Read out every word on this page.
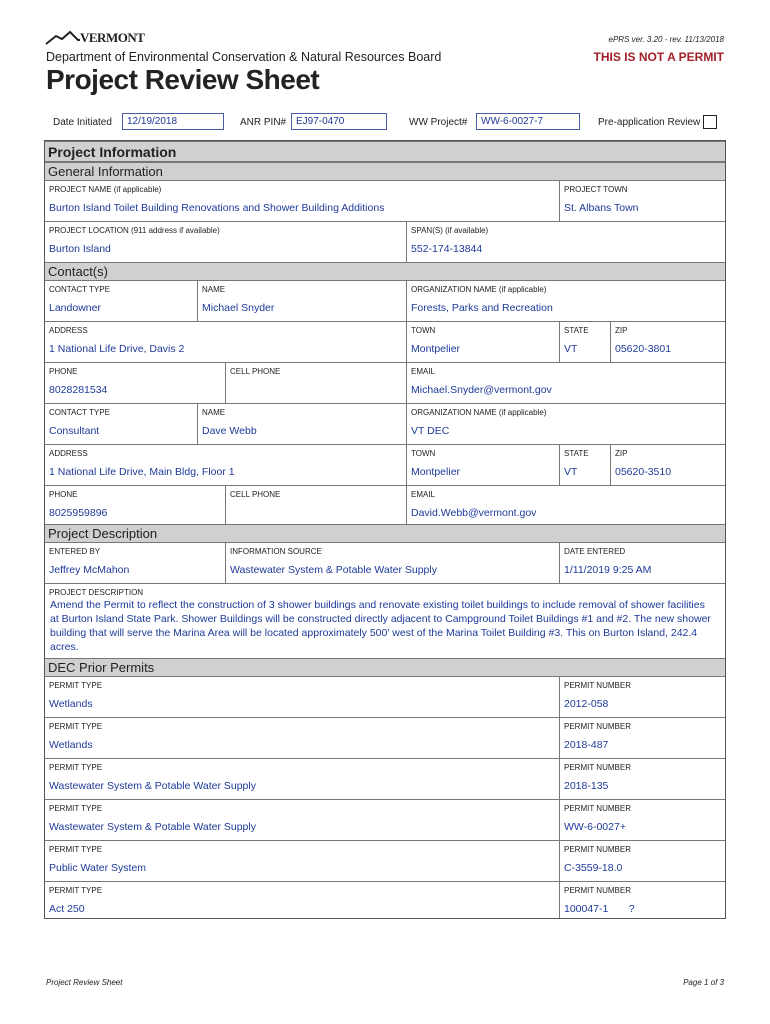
VERMONT	ePRS ver. 3.20 - rev. 11/13/2018
Department of Environmental Conservation & Natural Resources Board	THIS IS NOT A PERMIT
Project Review Sheet
Date Initiated	12/19/2018	ANR PIN# EJ97-0470	WW Project#	WW-6-0027-7	Pre-application Review
Project Information
General Information
PROJECT NAME (if applicable)
Burton Island Toilet Building Renovations and Shower Building Additions
PROJECT TOWN
St. Albans Town
PROJECT LOCATION (911 address if available)
Burton Island
SPAN(S) (if available)
552-174-13844
Contact(s)
CONTACT TYPE
Landowner
NAME
Michael Snyder
ORGANIZATION NAME (if applicable)
Forests, Parks and Recreation
ADDRESS
1 National Life Drive, Davis 2
TOWN
Montpelier
STATE
VT
ZIP
05620-3801
PHONE
8028281534
CELL PHONE	EMAIL
Michael.Snyder@vermont.gov
CONTACT TYPE
Consultant
NAME
Dave Webb
ORGANIZATION NAME (if applicable)
VT DEC
ADDRESS
1 National Life Drive, Main Bldg, Floor 1
TOWN
Montpelier
STATE
VT
ZIP
05620-3510
PHONE
8025959896
CELL PHONE	EMAIL
David.Webb@vermont.gov
Project Description
ENTERED BY
Jeffrey McMahon
INFORMATION SOURCE
Wastewater System & Potable Water Supply
DATE ENTERED
1/11/2019 9:25 AM
PROJECT DESCRIPTION
Amend the Permit to reflect the construction of 3 shower buildings and renovate existing toilet buildings to include removal of shower facilities at Burton Island State Park. Shower Buildings will be constructed directly adjacent to Campground Toilet Buildings #1 and #2. The new shower building that will serve the Marina Area will be located approximately 500' west of the Marina Toilet Building #3. This on Burton Island, 242.4 acres.
DEC Prior Permits
PERMIT TYPE
Wetlands
PERMIT NUMBER
2012-058
PERMIT TYPE
Wetlands
PERMIT NUMBER
2018-487
PERMIT TYPE
Wastewater System & Potable Water Supply
PERMIT NUMBER
2018-135
PERMIT TYPE
Wastewater System & Potable Water Supply
PERMIT NUMBER
WW-6-0027+
PERMIT TYPE
Public Water System
PERMIT NUMBER
C-3559-18.0
PERMIT TYPE
Act 250
PERMIT NUMBER
100047-1       ?
Project Review Sheet	Page 1 of 3
